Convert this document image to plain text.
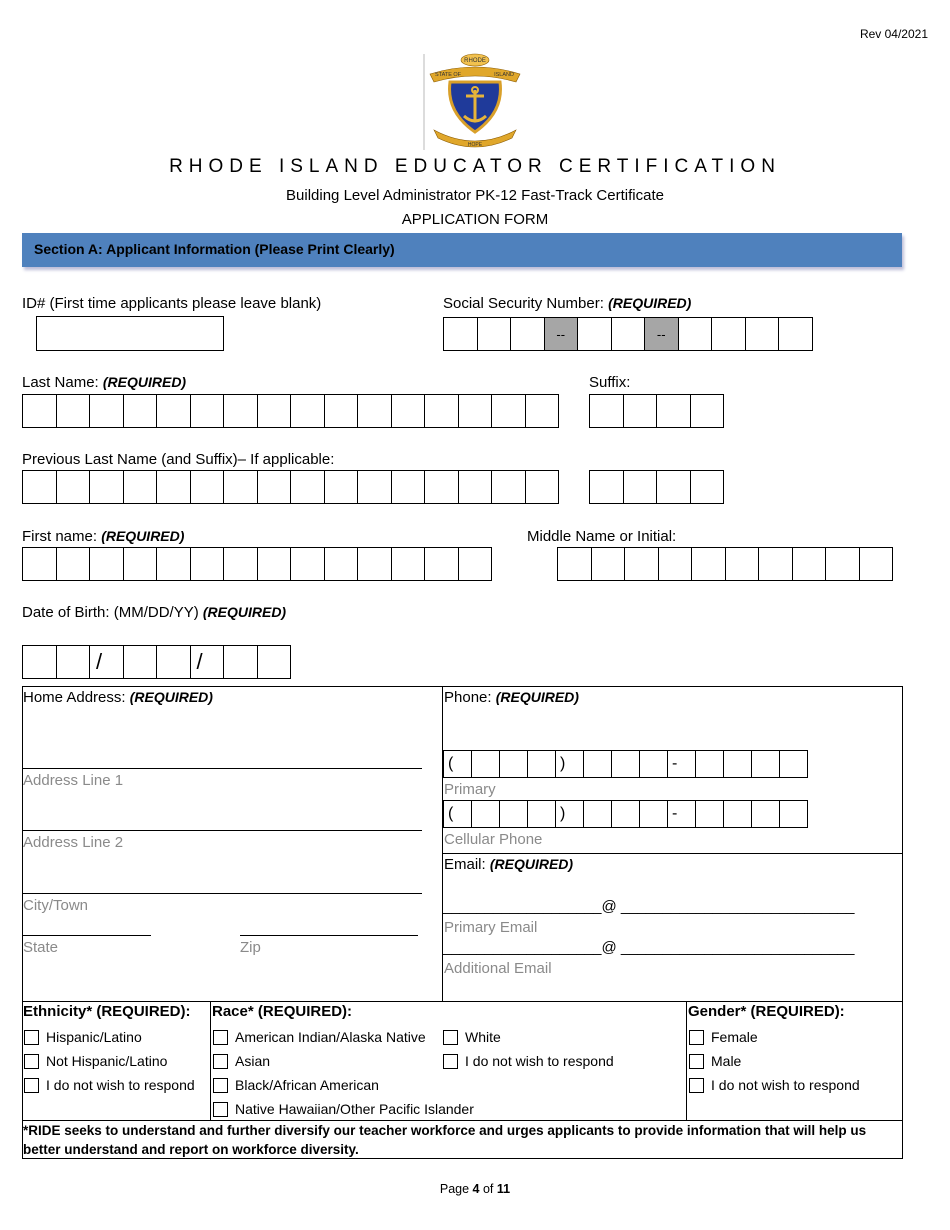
Rev 04/2021
RHODE
STATE OF	ISLAND
HOPE
RHODE ISLAND EDUCATOR CERTIFICATION
Building Level Administrator PK-12 Fast-Track Certificate
APPLICATION FORM
Section A: Applicant Information (Please Print Clearly)
ID# (First time applicants please leave blank)	Social Security Number: (REQUIRED)
--	--
Last Name: (REQUIRED)	Suffix:
Previous Last Name (and Suffix)– If applicable:
First name: (REQUIRED)	Middle Name or Initial:
Date of Birth: (MM/DD/YY) (REQUIRED)
/	/
Home Address: (REQUIRED)
Address Line 1
Address Line 2
City/Town
State	Zip
Phone: (REQUIRED)
(	)	-
Primary
(	)	-
Cellular Phone
Email: (REQUIRED)
___________________@ ____________________________
Primary Email
___________________@ ____________________________
Additional Email
Ethnicity* (REQUIRED):
Hispanic/Latino
Not Hispanic/Latino
I do not wish to respond
Race* (REQUIRED):
American Indian/Alaska Native
Asian
Black/African American
Native Hawaiian/Other Pacific Islander
White
I do not wish to respond
Gender* (REQUIRED):
Female
Male
I do not wish to respond
*RIDE seeks to understand and further diversify our teacher workforce and urges applicants to provide information that will help us better understand and report on workforce diversity.
Page 4 of 11
